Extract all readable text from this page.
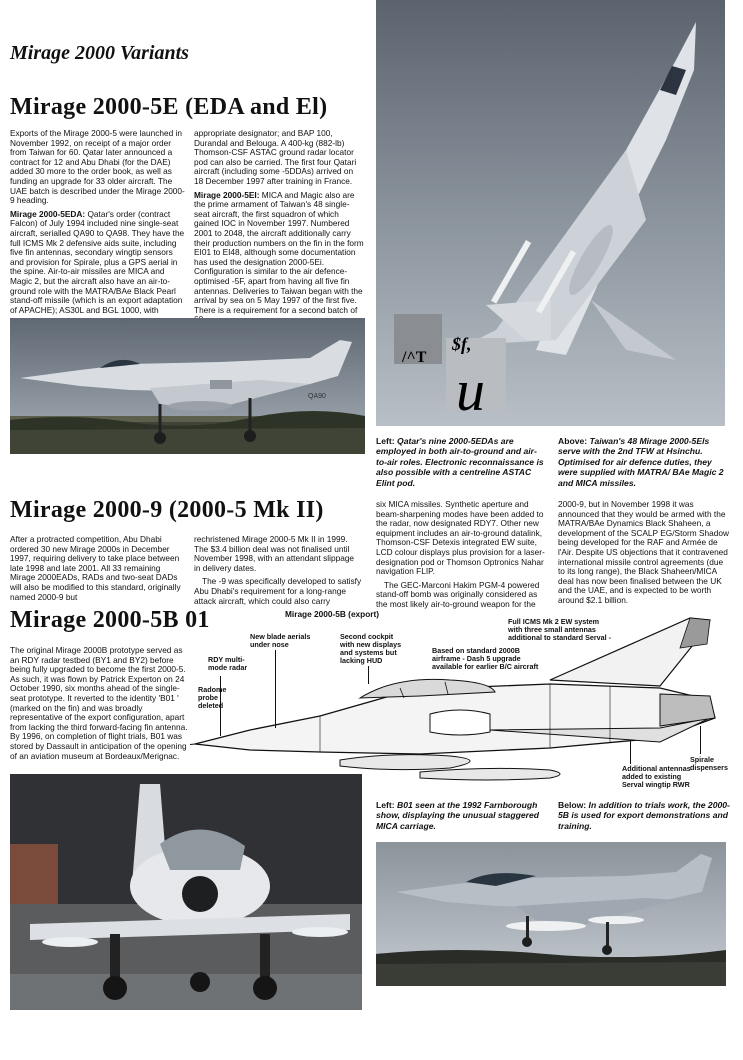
Mirage 2000 Variants
Mirage 2000-5E (EDA and El)

Exports of the Mirage 2000-5 were launched in November 1992, on receipt of a major order from Taiwan for 60. Qatar later announced a contract for 12 and Abu Dhabi (for the DAE) added 30 more to the order book, as well as funding an upgrade for 33 older aircraft. The UAE batch is described under the Mirage 2000-9 heading.

Mirage 2000-5EDA: Qatar's order (contract Falcon) of July 1994 included nine single-seat aircraft, serialled QA90 to QA98. They have the full ICMS Mk 2 defensive aids suite, including five fin antennas, secondary wingtip sensors and provision for Spirale, plus a GPS aerial in the spine. Air-to-air missiles are MICA and Magic 2, but the aircraft also have an air-to-ground role with the MATRA/BAe Black Pearl stand-off missile (which is an export adaptation of APACHE); AS30L and BGL 1000, with

appropriate designator; and BAP 100, Durandal and Belouga. A 400-kg (882-lb) Thomson-CSF ASTAC ground radar locator pod can also be carried. The first four Qatari aircraft (including some -5DDAs) arrived on 18 December 1997 after training in France.

Mirage 2000-5EI: MICA and Magic also are the prime armament of Taiwan's 48 single-seat aircraft, the first squadron of which gained IOC in November 1997. Numbered 2001 to 2048, the aircraft additionally carry their production numbers on the fin in the form EI01 to EI48, although some documentation has used the designation 2000-5Ei. Configuration is similar to the air defence-optimised -5F, apart from having all five fin antennas. Deliveries to Taiwan began with the arrival by sea on 5 May 1997 of the first five. There is a requirement for a second batch of

QA90
/^T
$f,
u
Left: Qatar's nine 2000-5EDAs are employed in both air-to-ground and air-to-air roles. Electronic reconnaissance is also possible with a centreline ASTAC Elint pod.
Above: Taiwan's 48 Mirage 2000-5Els serve with the 2nd TFW at Hsinchu. Optimised for air defence duties, they were supplied with MATRA/ BAe Magic 2 and MICA missiles.
Mirage 2000-9 (2000-5 Mk II)

After a protracted competition, Abu Dhabi ordered 30 new Mirage 2000s in December 1997, requiring delivery to take place between late 1998 and late 2001. All 33 remaining Mirage 2000EADs, RADs and two-seat DADs will also be modified to this standard, originally named 2000-9 but

rechristened Mirage 2000-5 Mk II in 1999. The $3.4 billion deal was not finalised until November 1998, with an attendant slippage in delivery dates.

The -9 was specifically developed to satisfy Abu Dhabi's requirement for a long-range attack aircraft, which could also carry

six MICA missiles. Synthetic aperture and beam-sharpening modes have been added to the radar, now designated RDY7. Other new equipment includes an air-to-ground datalink, Thomson-CSF Detexis integrated EW suite, LCD colour displays plus provision for a laser-designation pod or Thomson Optronics Nahar navigation FLIP.

The GEC-Marconi Hakim PGM-4 powered stand-off bomb was originally considered as the most likely air-to-ground weapon for the

2000-9, but in November 1998 it was announced that they would be armed with the MATRA/BAe Dynamics Black Shaheen, a development of the SCALP EG/Storm Shadow being developed for the RAF and Armée de l'Air. Despite US objections that it contravened international missile control agreements (due to its long range), the Black Shaheen/MICA deal has now been finalised between the UK and the UAE, and is expected to be worth around $2.1 billion.

Mirage 2000-5B 01

The original Mirage 2000B prototype served as an RDY radar testbed (BY1 and BY2) before being fully upgraded to become the first 2000-5. As such, it was flown by Patrick Experton on 24 October 1990, six months ahead of the single-seat prototype. It reverted to the identity 'B01 ' (marked on the fin) and was broadly representative of the export configuration, apart from lacking the third forward-facing fin antenna. By 1996, on completion of flight trials, B01 was stored by Dassault in anticipation of the opening of an aviation museum at Bordeaux/Merignac.

Mirage 2000-5B (export)
New blade aerials
under nose
Second cockpit
with new displays
and systems but
lacking HUD
Based on standard 2000B
airframe - Dash 5 upgrade
available for earlier B/C aircraft
Full ICMS Mk 2 EW system
with three small antennas
additional to standard Serval -
RDY multi-
mode radar
Radome
probe
deleted
Additional antennas
added to existing
Serval wingtip RWR
Spirale
dispensers
Left: B01 seen at the 1992 Farnborough show, displaying the unusual staggered MICA carriage.
Below: In addition to trials work, the 2000-5B is used for export demonstrations and training.
